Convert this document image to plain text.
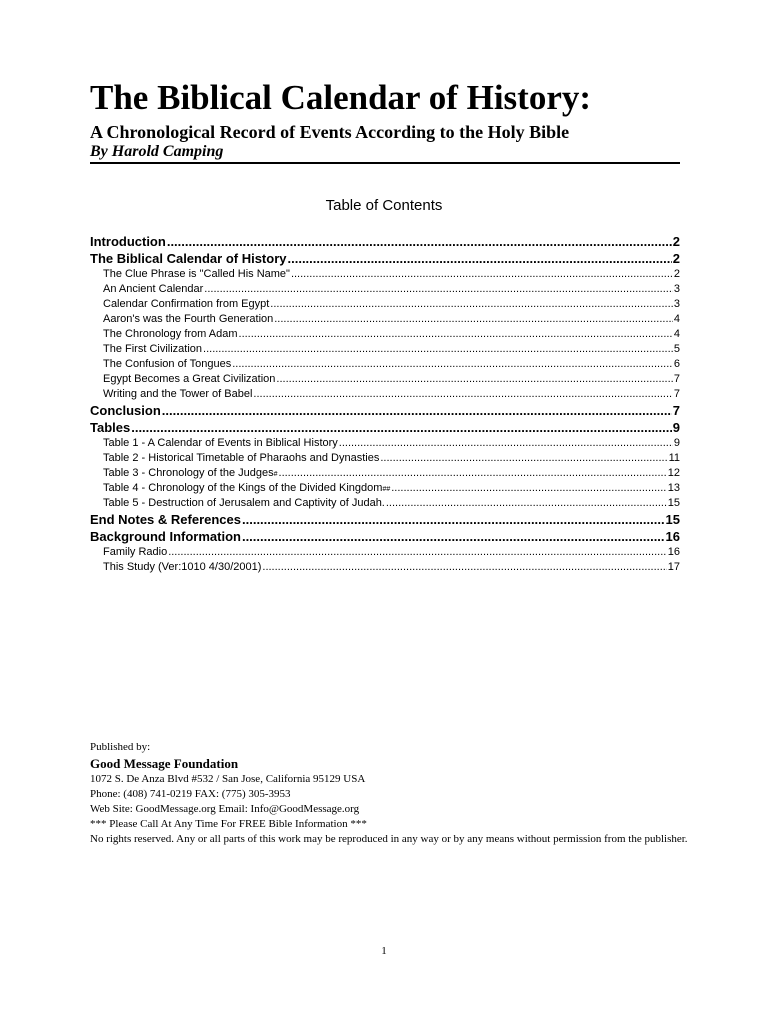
The Biblical Calendar of History:
A Chronological Record of Events According to the Holy Bible
By Harold Camping
Table of Contents
Introduction .....	2
The Biblical Calendar of History .....	2
The Clue Phrase is "Called His Name" .....	2
An Ancient Calendar .....	3
Calendar Confirmation from Egypt .....	3
Aaron's was the Fourth Generation .....	4
The Chronology from Adam .....	4
The First Civilization .....	5
The Confusion of Tongues .....	6
Egypt Becomes a Great Civilization .....	7
Writing and the Tower of Babel .....	7
Conclusion .....	7
Tables .....	9
Table 1 - A Calendar of Events in Biblical History .....	9
Table 2 - Historical Timetable of Pharaohs and Dynasties .....	11
Table 3 - Chronology of the Judges # .....	12
Table 4 - Chronology of the Kings of the Divided Kingdom ## .....	13
Table 5 - Destruction of Jerusalem and Captivity of Judah. .....	15
End Notes & References .....	15
Background Information .....	16
Family Radio .....	16
This Study (Ver:1010 4/30/2001) .....	17
Published by:
Good Message Foundation
1072 S. De Anza Blvd #532 / San Jose, California 95129 USA
Phone: (408) 741-0219 FAX: (775) 305-3953
Web Site: GoodMessage.org Email: Info@GoodMessage.org
*** Please Call At Any Time For FREE Bible Information ***
No rights reserved. Any or all parts of this work may be reproduced in any way or by any means without permission from the publisher.
1
